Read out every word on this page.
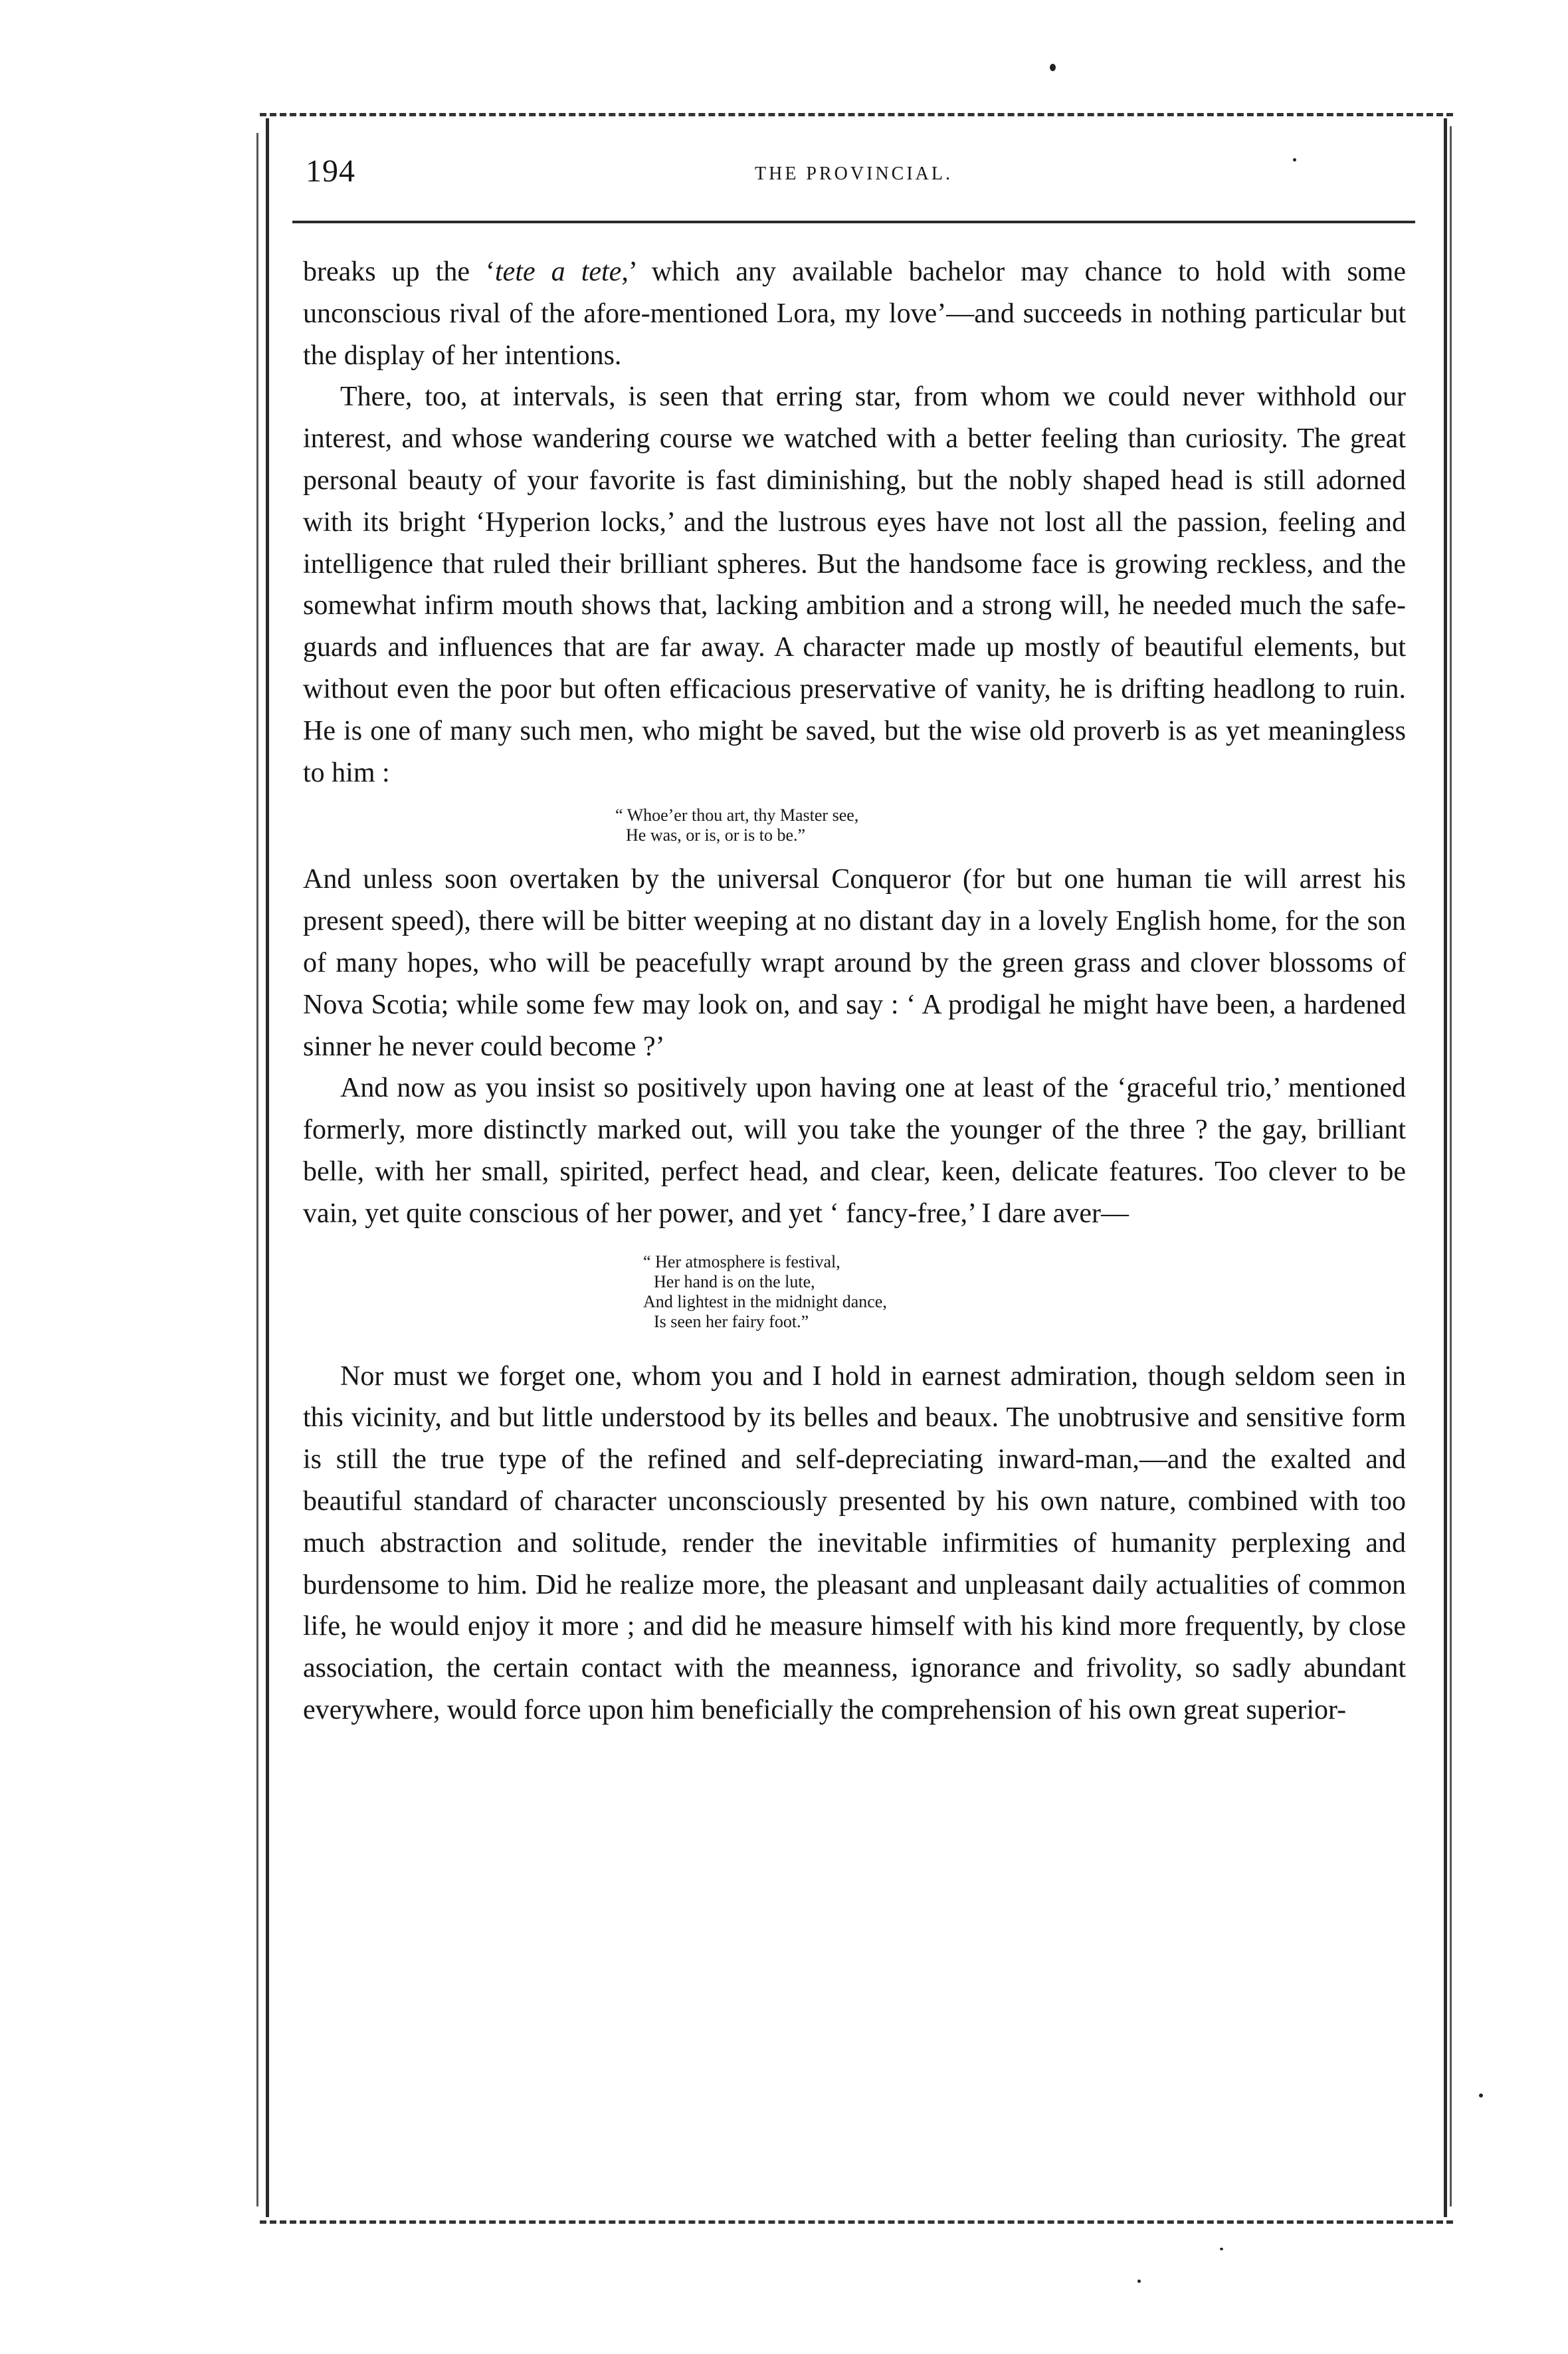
194	THE PROVINCIAL.

breaks up the ‘tete a tete,’ which any available bachelor may chance to hold with some unconscious rival of the afore-mentioned Lora, my love’—and succeeds in nothing particular but the display of her intentions.

There, too, at intervals, is seen that erring star, from whom we could never withhold our interest, and whose wandering course we watched with a better feeling than curiosity. The great personal beauty of your favorite is fast diminishing, but the nobly shaped head is still adorned with its bright ‘Hyperion locks,’ and the lustrous eyes have not lost all the passion, feeling and intelligence that ruled their brilliant spheres. But the handsome face is growing reckless, and the somewhat infirm mouth shows that, lacking ambition and a strong will, he needed much the safe-guards and influences that are far away. A character made up mostly of beautiful elements, but without even the poor but often efficacious preservative of vanity, he is drifting headlong to ruin. He is one of many such men, who might be saved, but the wise old proverb is as yet meaningless to him :

“ Whoe’er thou art, thy Master see,
He was, or is, or is to be.”

And unless soon overtaken by the universal Conqueror (for but one human tie will arrest his present speed), there will be bitter weeping at no distant day in a lovely English home, for the son of many hopes, who will be peacefully wrapt around by the green grass and clover blossoms of Nova Scotia; while some few may look on, and say : ‘ A prodigal he might have been, a hardened sinner he never could become ?’

And now as you insist so positively upon having one at least of the ‘graceful trio,’ mentioned formerly, more distinctly marked out, will you take the younger of the three ? the gay, brilliant belle, with her small, spirited, perfect head, and clear, keen, delicate features. Too clever to be vain, yet quite conscious of her power, and yet ‘ fancy-free,’ I dare aver—

“ Her atmosphere is festival,
Her hand is on the lute,
And lightest in the midnight dance,
Is seen her fairy foot.”

Nor must we forget one, whom you and I hold in earnest admiration, though seldom seen in this vicinity, and but little understood by its belles and beaux. The unobtrusive and sensitive form is still the true type of the refined and self-depreciating inward-man,—and the exalted and beautiful standard of character unconsciously presented by his own nature, combined with too much abstraction and solitude, render the inevitable infirmities of humanity perplexing and burdensome to him. Did he realize more, the pleasant and unpleasant daily actualities of common life, he would enjoy it more ; and did he measure himself with his kind more frequently, by close association, the certain contact with the meanness, ignorance and frivolity, so sadly abundant everywhere, would force upon him beneficially the comprehension of his own great superior-
